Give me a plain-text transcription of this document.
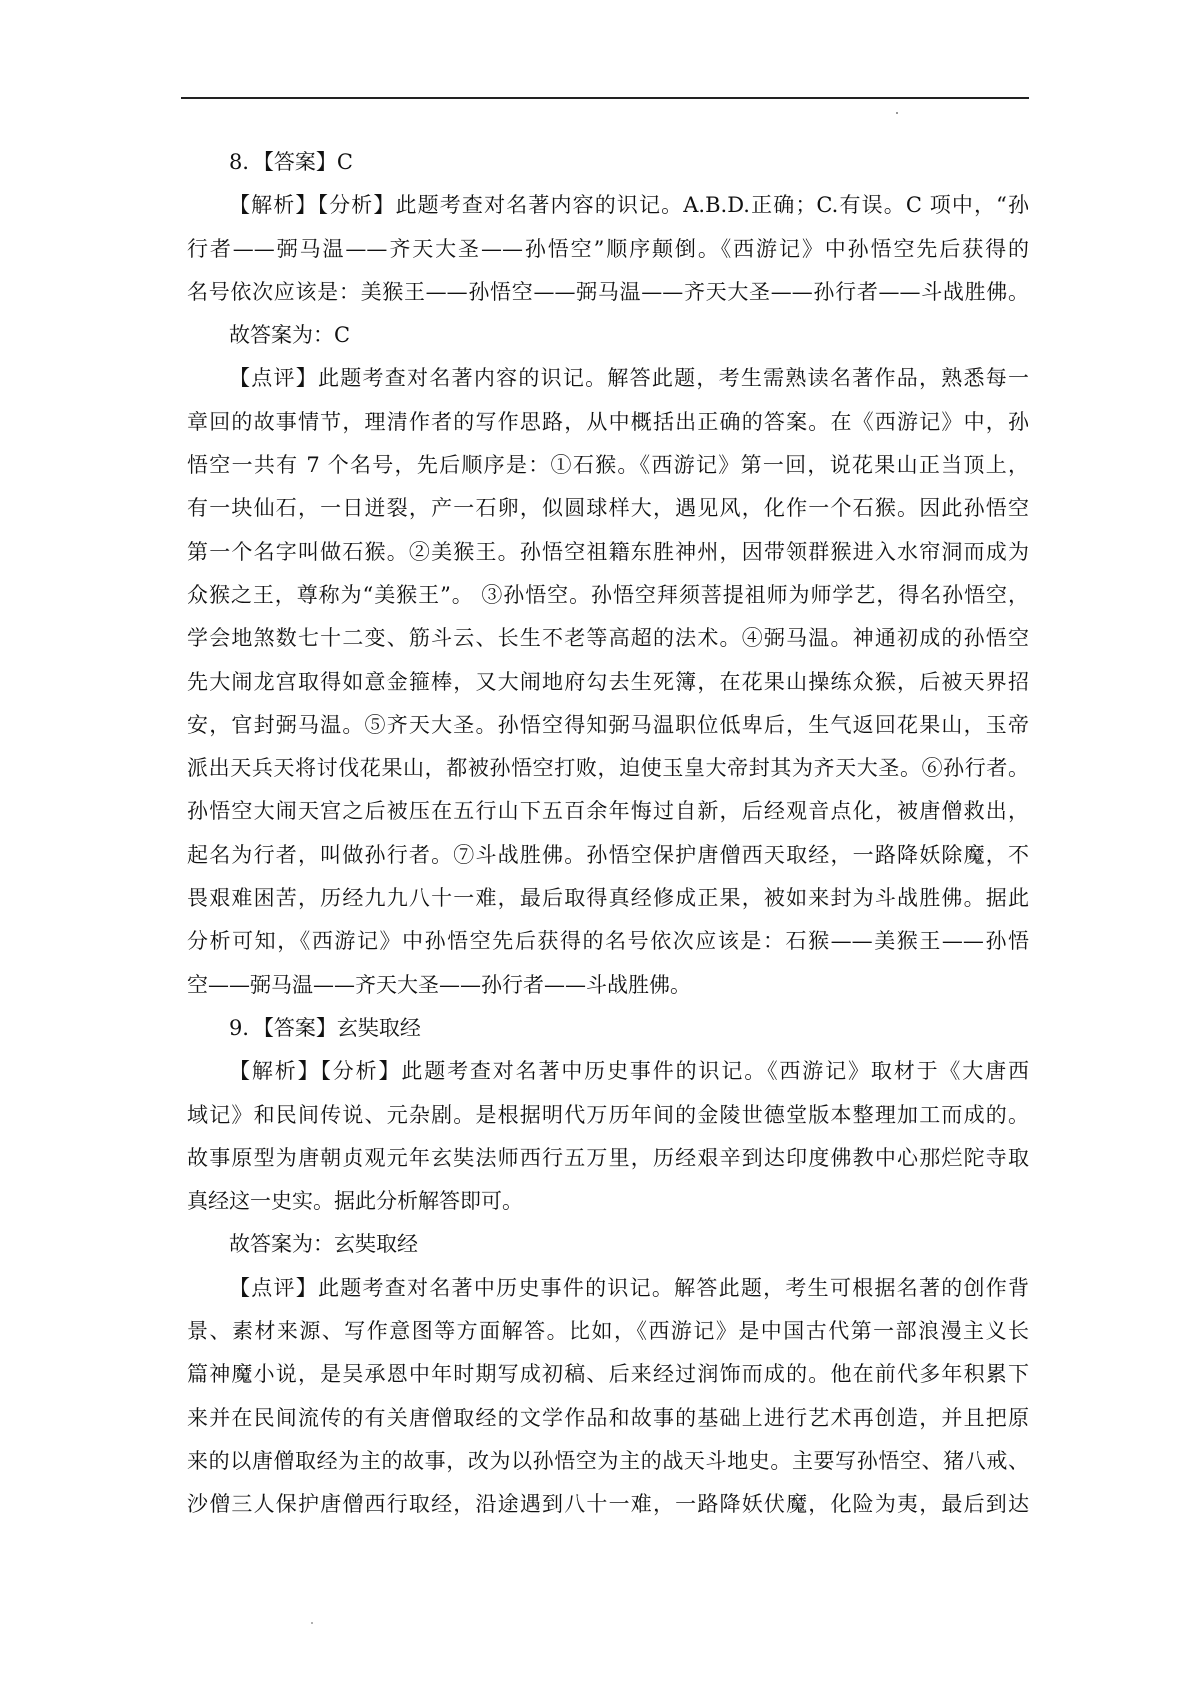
8．【答案】C
【解析】【分析】此题考查对名著内容的识记。A.B.D.正确；C.有误。C 项中，“孙
行者——弼马温——齐天大圣——孙悟空”顺序颠倒。《西游记》中孙悟空先后获得的
名号依次应该是：美猴王——孙悟空——弼马温——齐天大圣——孙行者——斗战胜佛。
故答案为：C
【点评】此题考查对名著内容的识记。解答此题，考生需熟读名著作品，熟悉每一
章回的故事情节，理清作者的写作思路，从中概括出正确的答案。在《西游记》中，孙
悟空一共有 7 个名号，先后顺序是：①石猴。《西游记》第一回，说花果山正当顶上，
有一块仙石，一日迸裂，产一石卵，似圆球样大，遇见风，化作一个石猴。因此孙悟空
第一个名字叫做石猴。②美猴王。孙悟空祖籍东胜神州，因带领群猴进入水帘洞而成为
众猴之王，尊称为“美猴王”。 ③孙悟空。孙悟空拜须菩提祖师为师学艺，得名孙悟空，
学会地煞数七十二变、筋斗云、长生不老等高超的法术。④弼马温。神通初成的孙悟空
先大闹龙宫取得如意金箍棒，又大闹地府勾去生死簿，在花果山操练众猴，后被天界招
安，官封弼马温。⑤齐天大圣。孙悟空得知弼马温职位低卑后，生气返回花果山，玉帝
派出天兵天将讨伐花果山，都被孙悟空打败，迫使玉皇大帝封其为齐天大圣。⑥孙行者。
孙悟空大闹天宫之后被压在五行山下五百余年悔过自新，后经观音点化，被唐僧救出，
起名为行者，叫做孙行者。⑦斗战胜佛。孙悟空保护唐僧西天取经，一路降妖除魔，不
畏艰难困苦，历经九九八十一难，最后取得真经修成正果，被如来封为斗战胜佛。据此
分析可知，《西游记》中孙悟空先后获得的名号依次应该是：石猴——美猴王——孙悟
空——弼马温——齐天大圣——孙行者——斗战胜佛。
9．【答案】玄奘取经
【解析】【分析】此题考查对名著中历史事件的识记。《西游记》取材于《大唐西
域记》和民间传说、元杂剧。是根据明代万历年间的金陵世德堂版本整理加工而成的。
故事原型为唐朝贞观元年玄奘法师西行五万里，历经艰辛到达印度佛教中心那烂陀寺取
真经这一史实。据此分析解答即可。
故答案为：玄奘取经
【点评】此题考查对名著中历史事件的识记。解答此题，考生可根据名著的创作背
景、素材来源、写作意图等方面解答。比如，《西游记》是中国古代第一部浪漫主义长
篇神魔小说，是吴承恩中年时期写成初稿、后来经过润饰而成的。他在前代多年积累下
来并在民间流传的有关唐僧取经的文学作品和故事的基础上进行艺术再创造，并且把原
来的以唐僧取经为主的故事，改为以孙悟空为主的战天斗地史。主要写孙悟空、猪八戒、
沙僧三人保护唐僧西行取经，沿途遇到八十一难，一路降妖伏魔，化险为夷，最后到达
